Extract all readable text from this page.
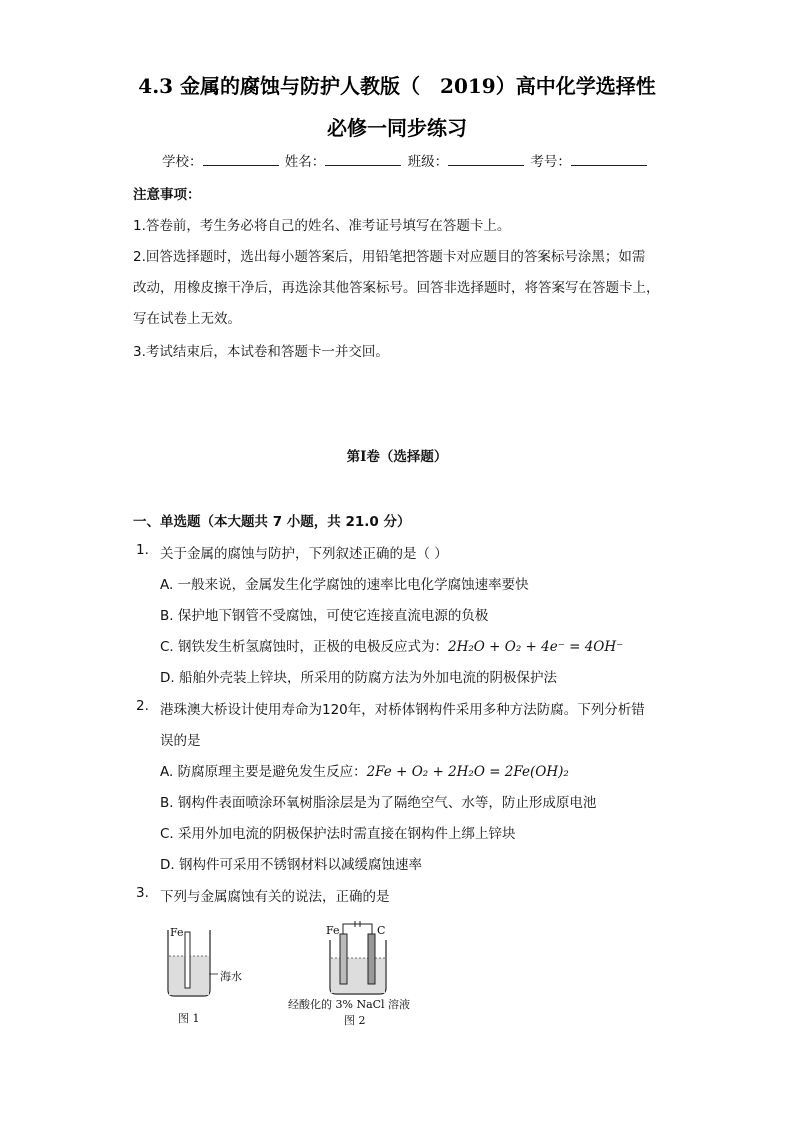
4.3 金属的腐蚀与防护人教版（　2019）高中化学选择性
必修一同步练习
学校：	姓名：	班级：	考号：
注意事项：
1.答卷前，考生务必将自己的姓名、准考证号填写在答题卡上。
2.回答选择题时，选出每小题答案后，用铅笔把答题卡对应题目的答案标号涂黑；如需
改动，用橡皮擦干净后，再选涂其他答案标号。回答非选择题时，将答案写在答题卡上，
写在试卷上无效。
3.考试结束后，本试卷和答题卡一并交回。
第Ⅰ卷（选择题）
一、单选题（本大题共 7 小题，共 21.0 分）
1. 关于金属的腐蚀与防护，下列叙述正确的是（ ）
A. 一般来说，金属发生化学腐蚀的速率比电化学腐蚀速率要快
B. 保护地下钢管不受腐蚀，可使它连接直流电源的负极
C. 钢铁发生析氢腐蚀时，正极的电极反应式为：2H₂O + O₂ + 4e⁻ = 4OH⁻
D. 船舶外壳装上锌块，所采用的防腐方法为外加电流的阴极保护法
2. 港珠澳大桥设计使用寿命为120年，对桥体钢构件采用多种方法防腐。下列分析错
误的是
A. 防腐原理主要是避免发生反应：2Fe + O₂ + 2H₂O = 2Fe(OH)₂
B. 钢构件表面喷涂环氧树脂涂层是为了隔绝空气、水等，防止形成原电池
C. 采用外加电流的阴极保护法时需直接在钢构件上绑上锌块
D. 钢构件可采用不锈钢材料以减缓腐蚀速率
3. 下列与金属腐蚀有关的说法，正确的是
Fe
海水
图 1
Fe	C
经酸化的 3% NaCl 溶液
图 2
